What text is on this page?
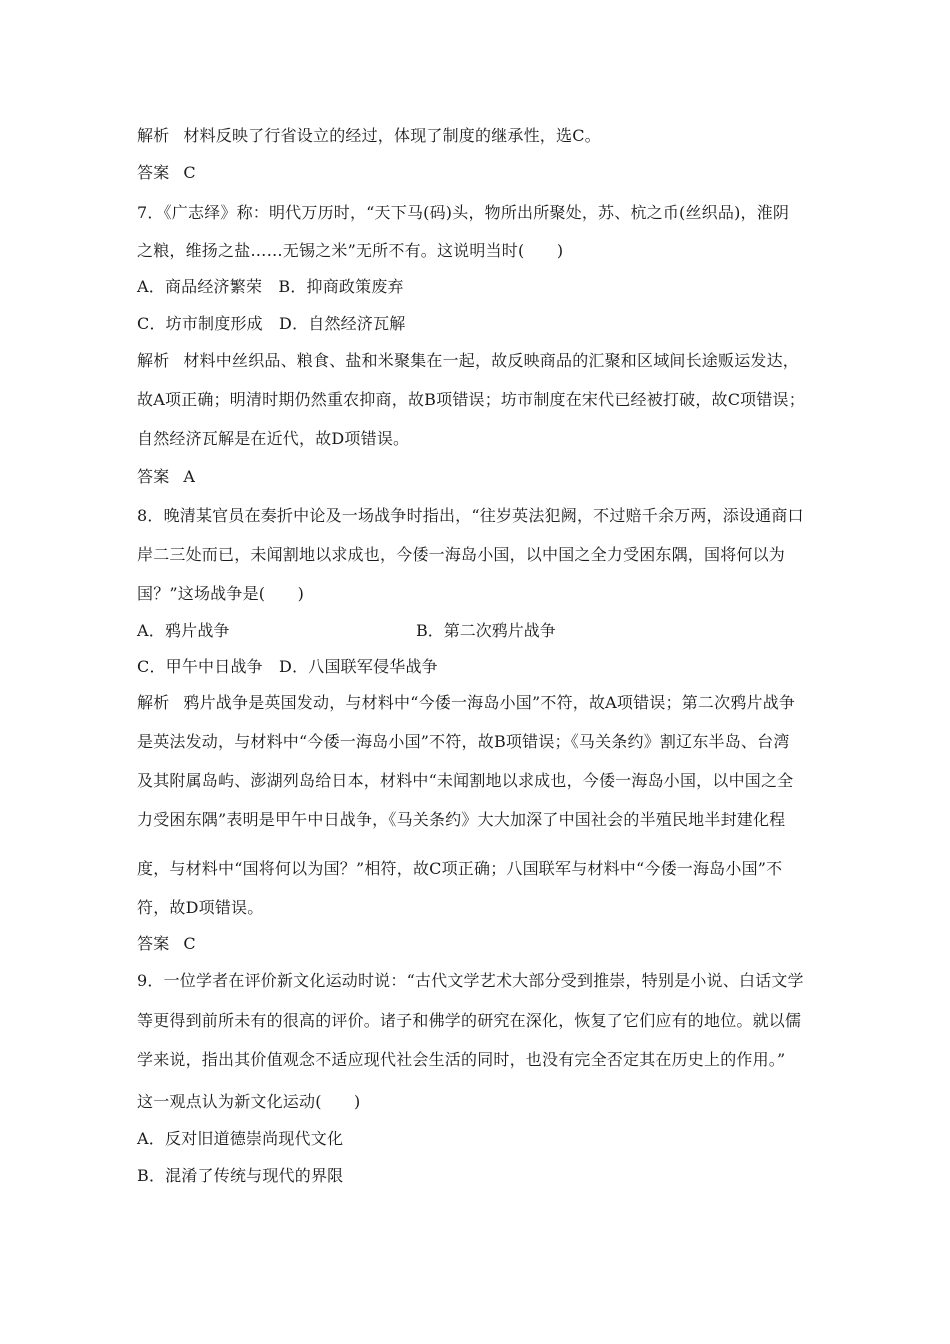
解析 材料反映了行省设立的经过，体现了制度的继承性，选C。
答案 C
7．《广志绎》称：明代万历时，“天下马(码)头，物所出所聚处，苏、杭之币(丝织品)，淮阴
之粮，维扬之盐……无锡之米”无所不有。这说明当时(　　)
A．商品经济繁荣　B．抑商政策废弃
C．坊市制度形成　D．自然经济瓦解
解析 材料中丝织品、粮食、盐和米聚集在一起，故反映商品的汇聚和区域间长途贩运发达，
故A项正确；明清时期仍然重农抑商，故B项错误；坊市制度在宋代已经被打破，故C项错误；
自然经济瓦解是在近代，故D项错误。
答案 A
8．晚清某官员在奏折中论及一场战争时指出，“往岁英法犯阙，不过赔千余万两，添设通商口
岸二三处而已，未闻割地以求成也，今倭一海岛小国，以中国之全力受困东隅，国将何以为
国？”这场战争是(　　)
A．鸦片战争	B．第二次鸦片战争
C．甲午中日战争　D．八国联军侵华战争
解析 鸦片战争是英国发动，与材料中“今倭一海岛小国”不符，故A项错误；第二次鸦片战争
是英法发动，与材料中“今倭一海岛小国”不符，故B项错误；《马关条约》割辽东半岛、台湾
及其附属岛屿、澎湖列岛给日本，材料中“未闻割地以求成也，今倭一海岛小国，以中国之全
力受困东隅”表明是甲午中日战争，《马关条约》大大加深了中国社会的半殖民地半封建化程
度，与材料中“国将何以为国？”相符，故C项正确；八国联军与材料中“今倭一海岛小国”不
符，故D项错误。
答案 C
9．一位学者在评价新文化运动时说：“古代文学艺术大部分受到推崇，特别是小说、白话文学
等更得到前所未有的很高的评价。诸子和佛学的研究在深化，恢复了它们应有的地位。就以儒
学来说，指出其价值观念不适应现代社会生活的同时，也没有完全否定其在历史上的作用。”
这一观点认为新文化运动(　　)
A．反对旧道德崇尚现代文化
B．混淆了传统与现代的界限
